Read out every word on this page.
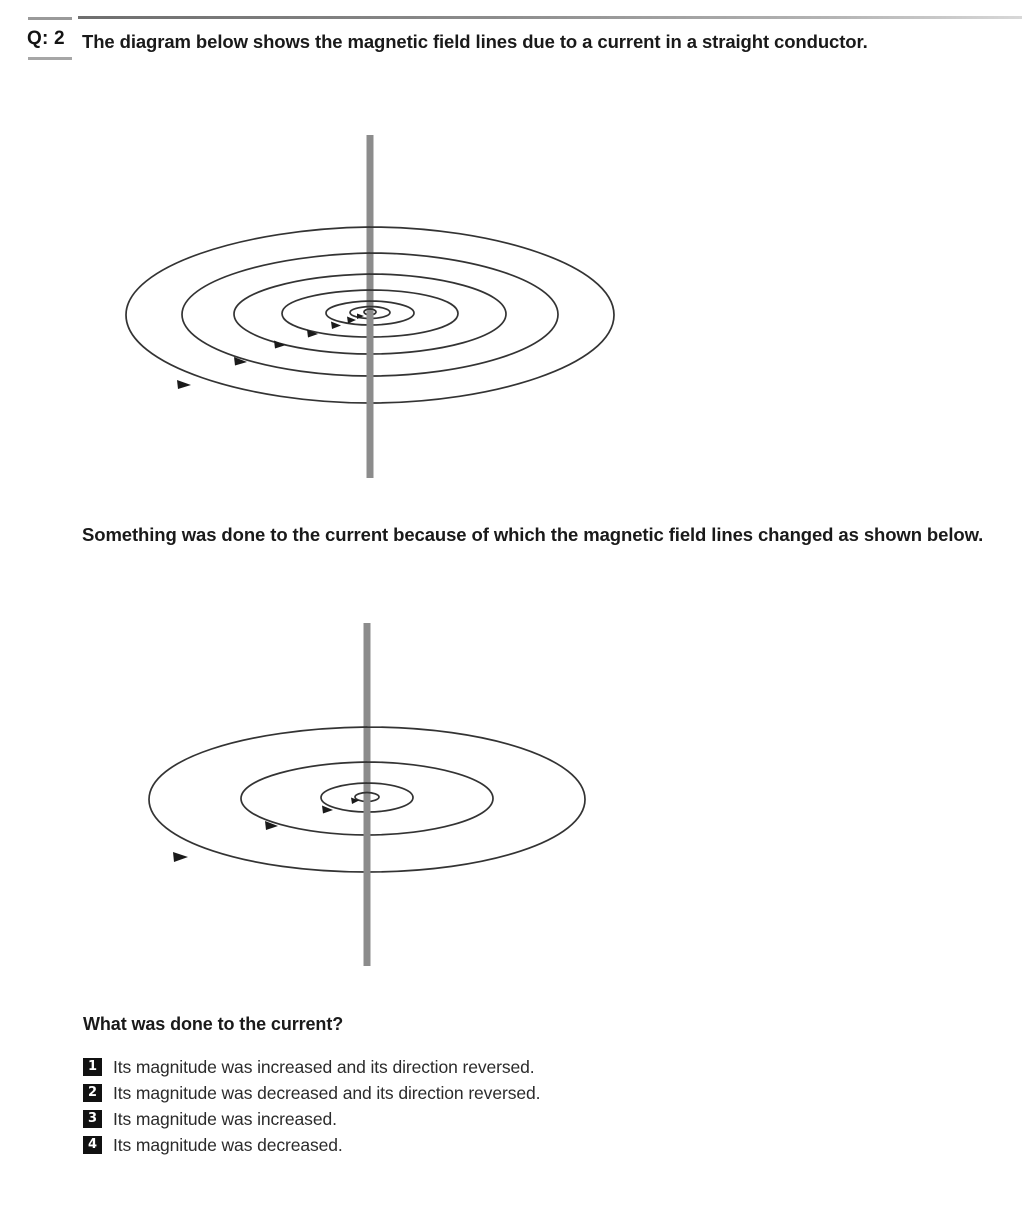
Q: 2 The diagram below shows the magnetic field lines due to a current in a straight conductor.
Something was done to the current because of which the magnetic field lines changed as shown below.
What was done to the current?
1 Its magnitude was increased and its direction reversed.
2 Its magnitude was decreased and its direction reversed.
3 Its magnitude was increased.
4 Its magnitude was decreased.
